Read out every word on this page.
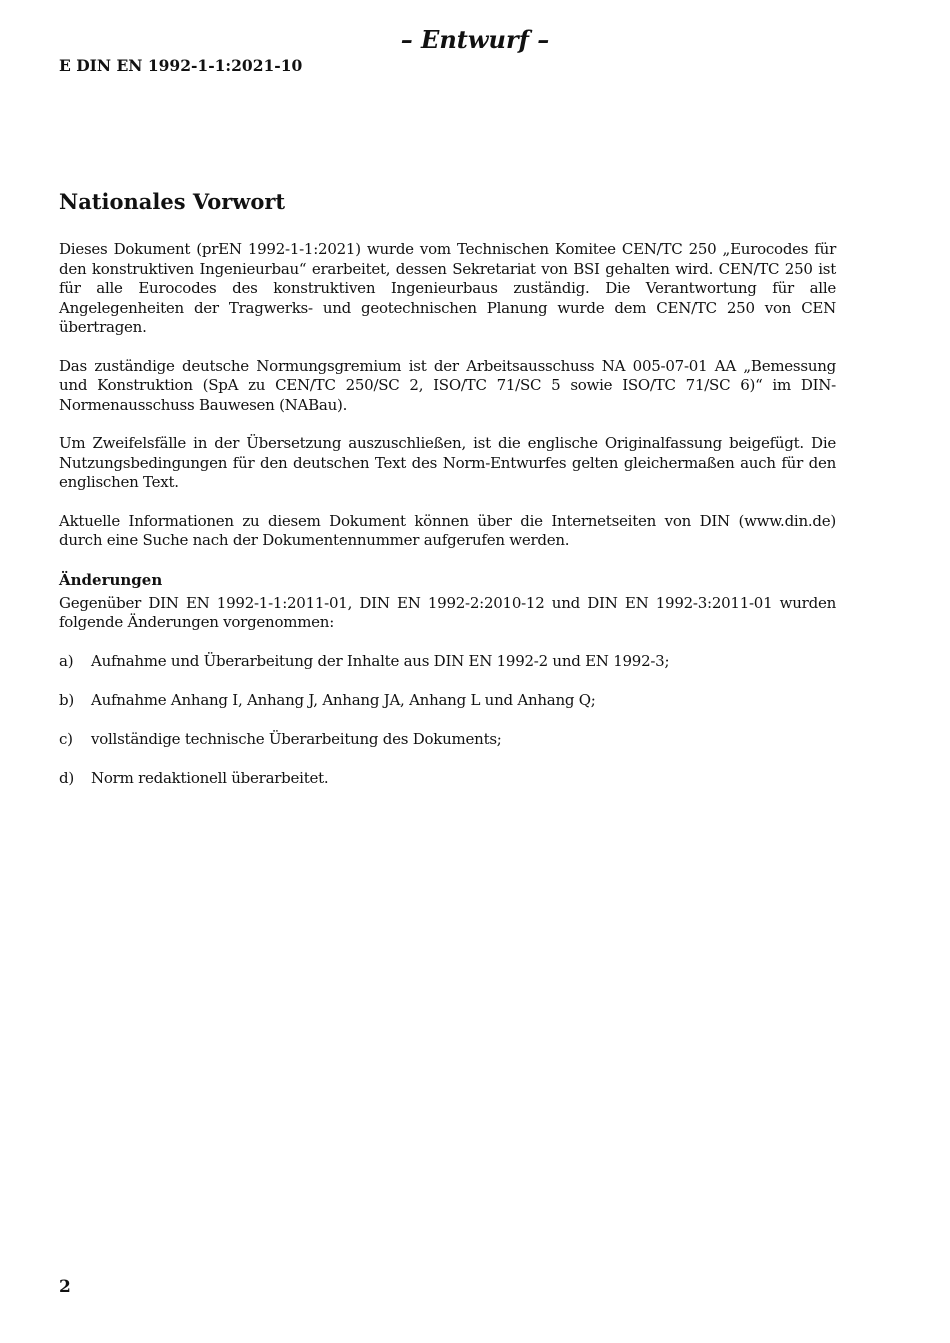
– Entwurf –
E DIN EN 1992-1-1:2021-10
Nationales Vorwort

Dieses Dokument (prEN 1992-1-1:2021) wurde vom Technischen Komitee CEN/TC 250 „Eurocodes für den konstruktiven Ingenieurbau“ erarbeitet, dessen Sekretariat von BSI gehalten wird. CEN/TC 250 ist für alle Eurocodes des konstruktiven Ingenieurbaus zuständig. Die Verantwortung für alle Angelegenheiten der Tragwerks- und geotechnischen Planung wurde dem CEN/TC 250 von CEN übertragen.

Das zuständige deutsche Normungsgremium ist der Arbeitsausschuss NA 005-07-01 AA „Bemessung und Konstruktion (SpA zu CEN/TC 250/SC 2, ISO/TC 71/SC 5 sowie ISO/TC 71/SC 6)“ im DIN-Normenausschuss Bauwesen (NABau).

Um Zweifelsfälle in der Übersetzung auszuschließen, ist die englische Originalfassung beigefügt. Die Nutzungsbedingungen für den deutschen Text des Norm-Entwurfes gelten gleichermaßen auch für den englischen Text.

Aktuelle Informationen zu diesem Dokument können über die Internetseiten von DIN (www.din.de) durch eine Suche nach der Dokumentennummer aufgerufen werden.

Änderungen

Gegenüber DIN EN 1992-1-1:2011-01, DIN EN 1992-2:2010-12 und DIN EN 1992-3:2011-01 wurden folgende Änderungen vorgenommen:

a)	Aufnahme und Überarbeitung der Inhalte aus DIN EN 1992-2 und EN 1992-3;
b)	Aufnahme Anhang I, Anhang J, Anhang JA, Anhang L und Anhang Q;
c)	vollständige technische Überarbeitung des Dokuments;
d)	Norm redaktionell überarbeitet.
2
